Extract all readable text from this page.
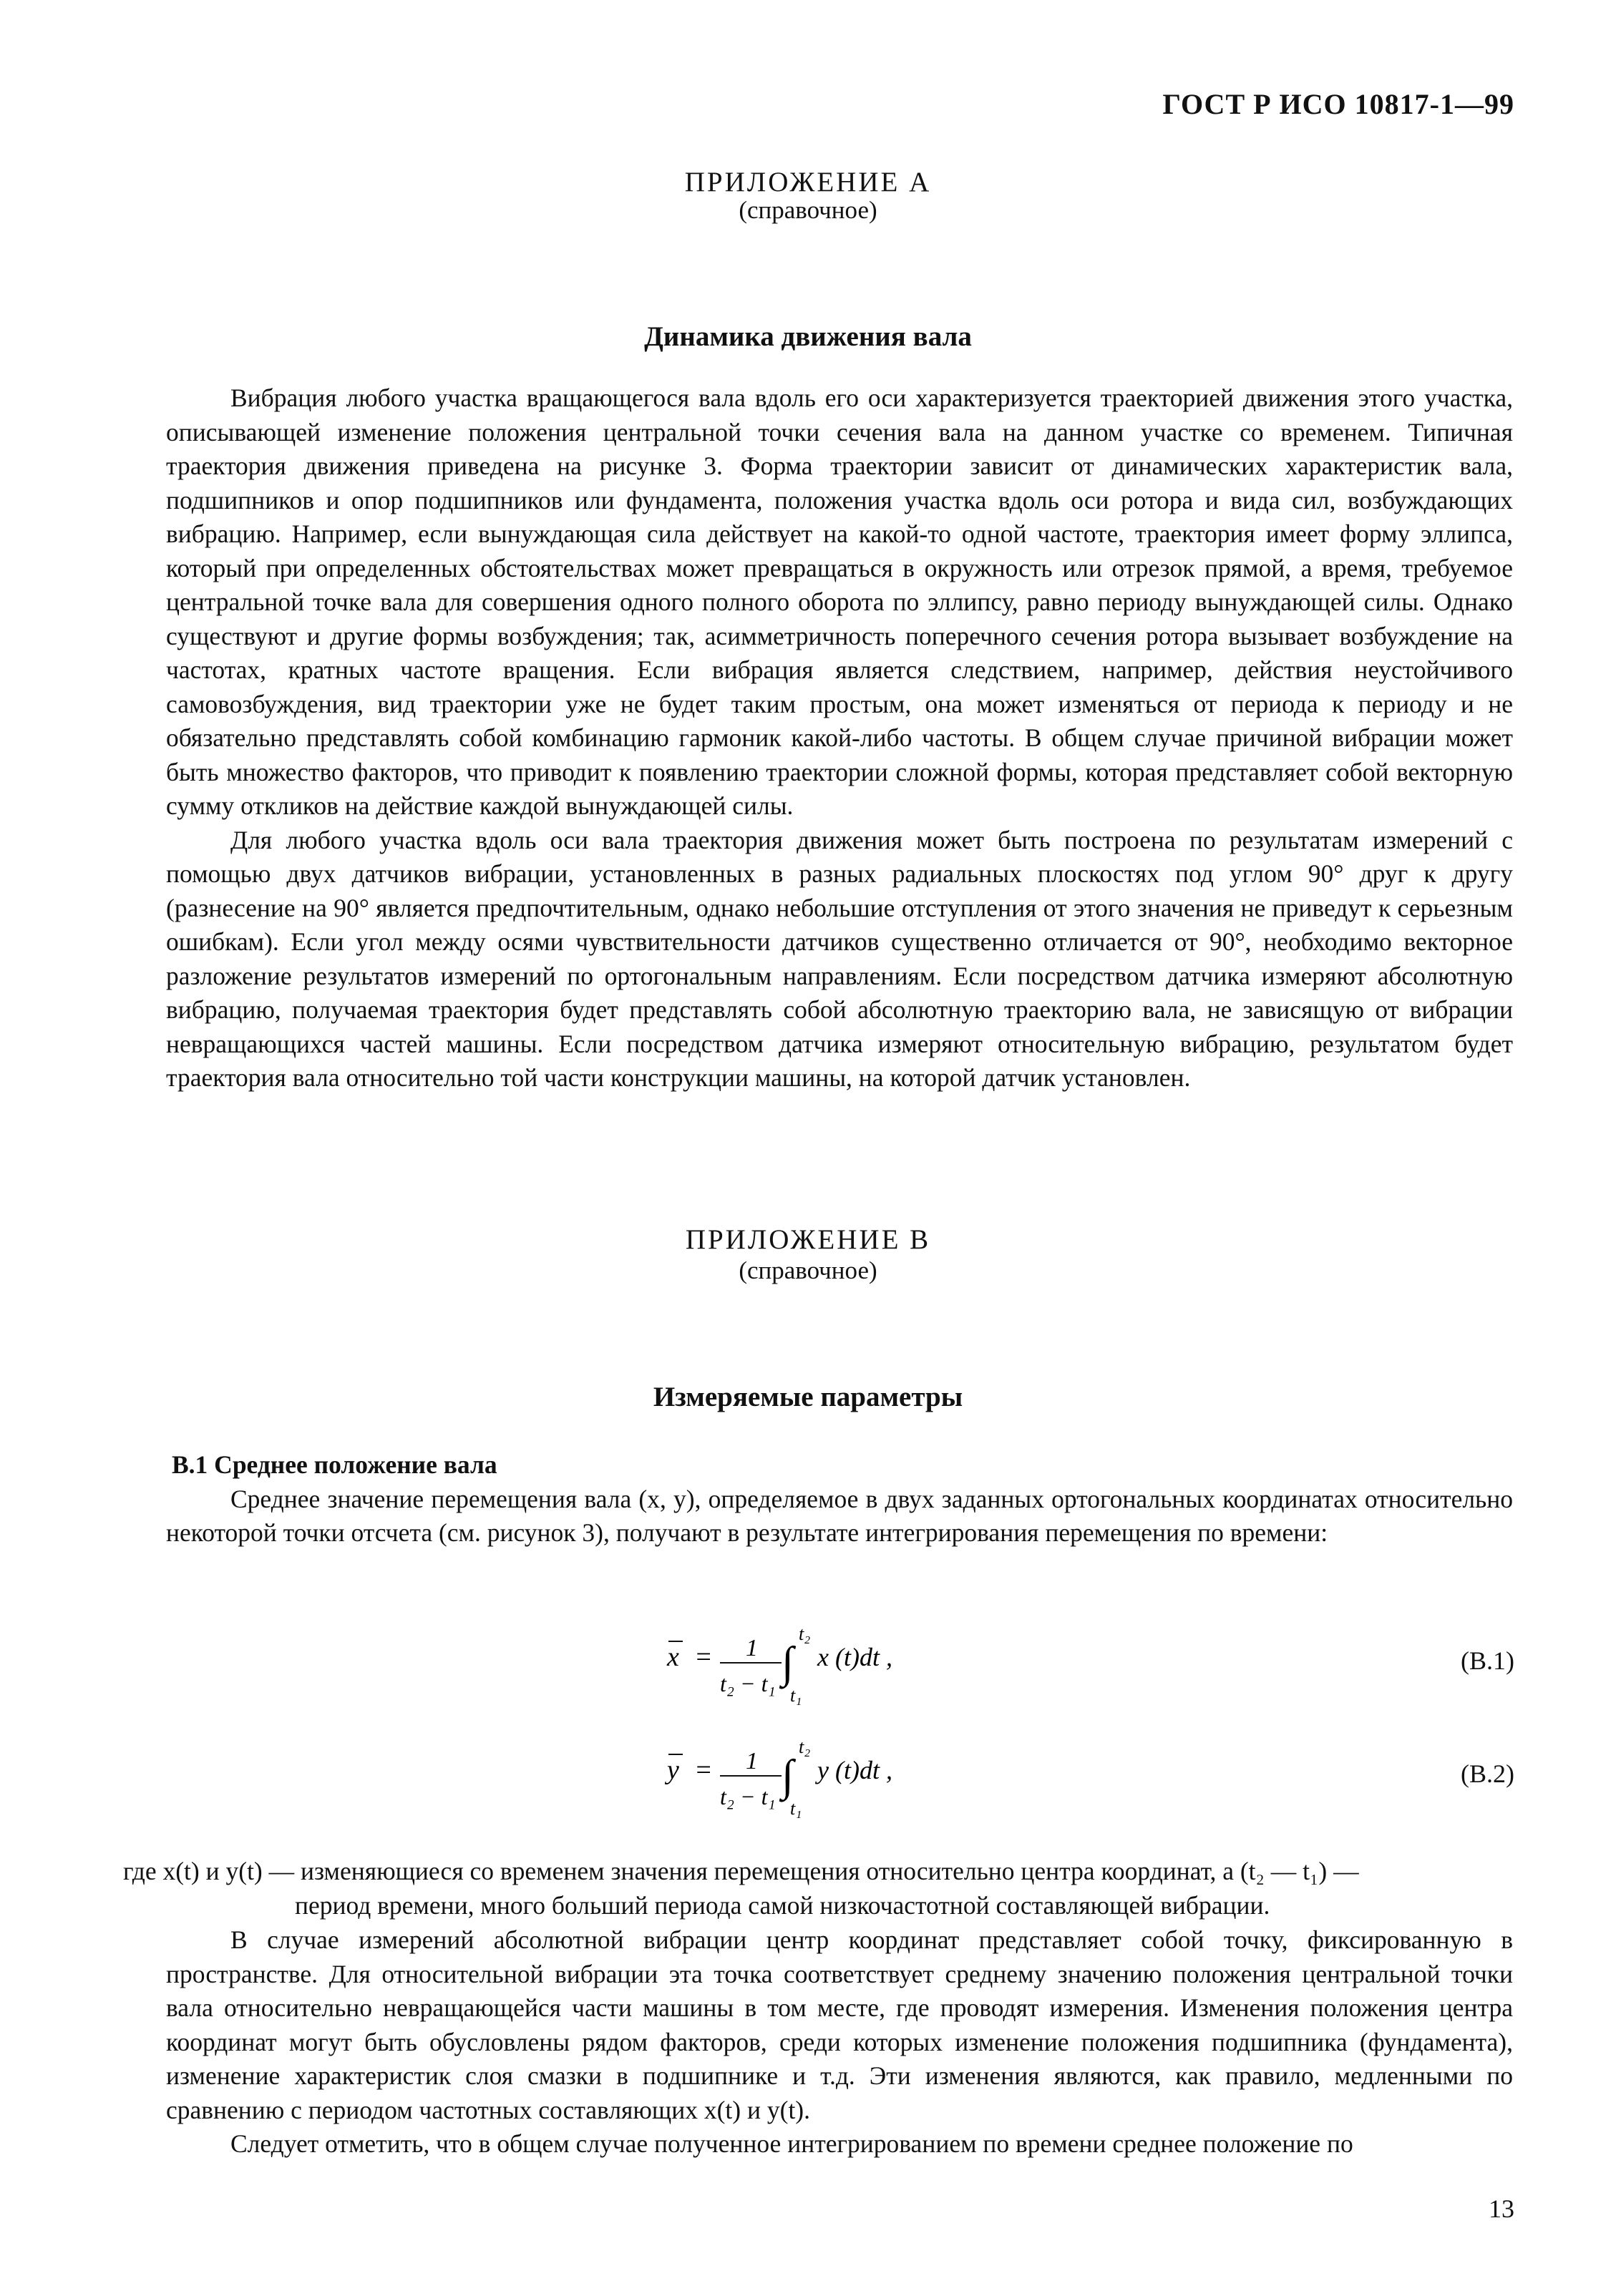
ГОСТ Р ИСО 10817-1—99
ПРИЛОЖЕНИЕ А
(справочное)
Динамика движения вала

Вибрация любого участка вращающегося вала вдоль его оси характеризуется траекторией движения этого участка, описывающей изменение положения центральной точки сечения вала на данном участке со временем. Типичная траектория движения приведена на рисунке 3. Форма траектории зависит от динамических характеристик вала, подшипников и опор подшипников или фундамента, положения участка вдоль оси ротора и вида сил, возбуждающих вибрацию. Например, если вынуждающая сила действует на какой-то одной частоте, траектория имеет форму эллипса, который при определенных обстоятельствах может превращаться в окружность или отрезок прямой, а время, требуемое центральной точке вала для совершения одного полного оборота по эллипсу, равно периоду вынуждающей силы. Однако существуют и другие формы возбуждения; так, асимметричность поперечного сечения ротора вызывает возбуждение на частотах, кратных частоте вращения. Если вибрация является следствием, например, действия неустойчивого самовозбуждения, вид траектории уже не будет таким простым, она может изменяться от периода к периоду и не обязательно представлять собой комбинацию гармоник какой-либо частоты. В общем случае причиной вибрации может быть множество факторов, что приводит к появлению траектории сложной формы, которая представляет собой векторную сумму откликов на действие каждой вынуждающей силы.

Для любого участка вдоль оси вала траектория движения может быть построена по результатам измерений с помощью двух датчиков вибрации, установленных в разных радиальных плоскостях под углом 90° друг к другу (разнесение на 90° является предпочтительным, однако небольшие отступления от этого значения не приведут к серьезным ошибкам). Если угол между осями чувствительности датчиков существенно отличается от 90°, необходимо векторное разложение результатов измерений по ортогональным направлениям. Если посредством датчика измеряют абсолютную вибрацию, получаемая траектория будет представлять собой абсолютную траекторию вала, не зависящую от вибрации невращающихся частей машины. Если посредством датчика измеряют относительную вибрацию, результатом будет траектория вала относительно той части конструкции машины, на которой датчик установлен.

ПРИЛОЖЕНИЕ В
(справочное)
Измеряемые параметры

В.1 Среднее положение вала

Среднее значение перемещения вала (x, y), определяемое в двух заданных ортогональных координатах относительно некоторой точки отсчета (см. рисунок 3), получают в результате интегрирования перемещения по времени:

x = 1
t₂ − t₁ ∫
t₂
t₁
x (t)dt ,	(В.1)
y = 1
t₂ − t₁ ∫
t₂
t₁
y (t)dt ,	(В.2)

где x(t) и y(t) — изменяющиеся со временем значения перемещения относительно центра координат, а (t₂ — t₁) —

период времени, много больший периода самой низкочастотной составляющей вибрации.

В случае измерений абсолютной вибрации центр координат представляет собой точку, фиксированную в пространстве. Для относительной вибрации эта точка соответствует среднему значению положения центральной точки вала относительно невращающейся части машины в том месте, где проводят измерения. Изменения положения центра координат могут быть обусловлены рядом факторов, среди которых изменение положения подшипника (фундамента), изменение характеристик слоя смазки в подшипнике и т.д. Эти изменения являются, как правило, медленными по сравнению с периодом частотных составляющих x(t) и y(t).

Следует отметить, что в общем случае полученное интегрированием по времени среднее положение по

13
